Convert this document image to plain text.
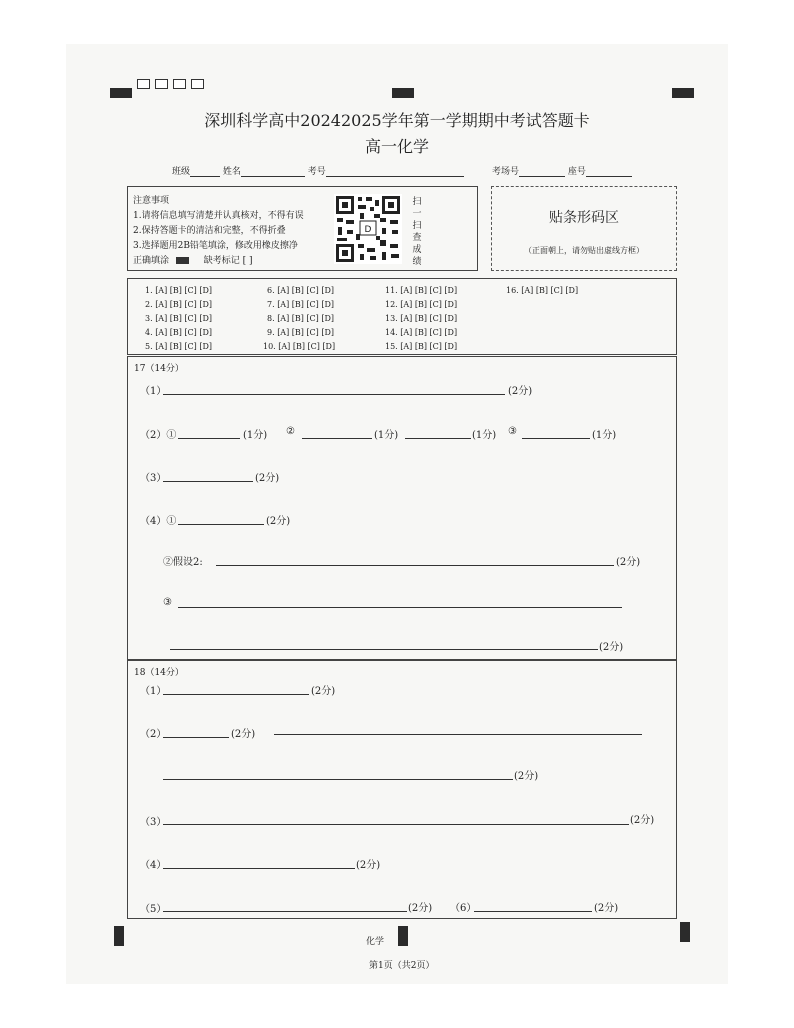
深圳科学高中20242025学年第一学期期中考试答题卡
高一化学
班级	姓名	考号	考场号	座号
注意事项
1.请将信息填写清楚并认真核对，不得有误
2.保持答题卡的清洁和完整，不得折叠
3.选择题用2B铅笔填涂，修改用橡皮擦净
正确填涂	缺考标记 [ ]
D
扫
一
扫
查
成
绩
贴条形码区
（正面朝上，请勿贴出虚线方框）
1. [A] [B] [C] [D]
2. [A] [B] [C] [D]
3. [A] [B] [C] [D]
4. [A] [B] [C] [D]
5. [A] [B] [C] [D]
6. [A] [B] [C] [D]
7. [A] [B] [C] [D]
8. [A] [B] [C] [D]
9. [A] [B] [C] [D]
10. [A] [B] [C] [D]
11. [A] [B] [C] [D]
12. [A] [B] [C] [D]
13. [A] [B] [C] [D]
14. [A] [B] [C] [D]
15. [A] [B] [C] [D]
16. [A] [B] [C] [D]
17（14分）
（1）	(2分)
（2）①	(1分) ②	(1分)	(1分) ③	(1分)
（3）	(2分)
（4）①	(2分)
②假设2:	(2分)
③
(2分)
18（14分）
（1）	(2分)
（2）	(2分)
(2分)
（3）	(2分)
（4）	(2分)
（5）	(2分) （6）	(2分)
化学
第1页（共2页）
